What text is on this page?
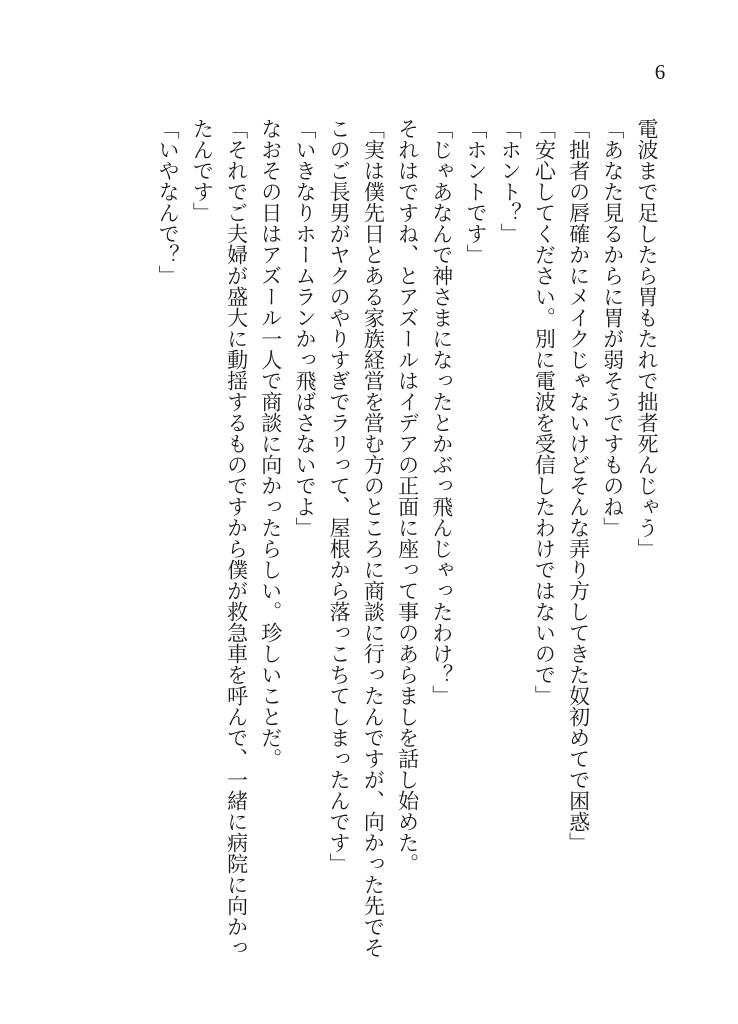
6

電波まで足したら胃もたれで拙者死んじゃう」

「あなた見るからに胃が弱そうですものね」

「拙者の唇確かにメイクじゃないけどそんな弄り方してきた奴初めてで困惑」

「安心してください。別に電波を受信したわけではないので」

「ホント？」

「ホントです」

「じゃあなんで神さまになったとかぶっ飛んじゃったわけ？」

それはですね、とアズールはイデアの正面に座って事のあらましを話し始めた。

「実は僕先日とある家族経営を営む方のところに商談に行ったんですが、向かった先でそこのご長男がヤクのやりすぎでラリって、屋根から落っこちてしまったんです」

「いきなりホームランかっ飛ばさないでよ」

なおその日はアズール一人で商談に向かったらしい。珍しいことだ。

「それでご夫婦が盛大に動揺するものですから僕が救急車を呼んで、一緒に病院に向かったんです」

「いやなんで？」
